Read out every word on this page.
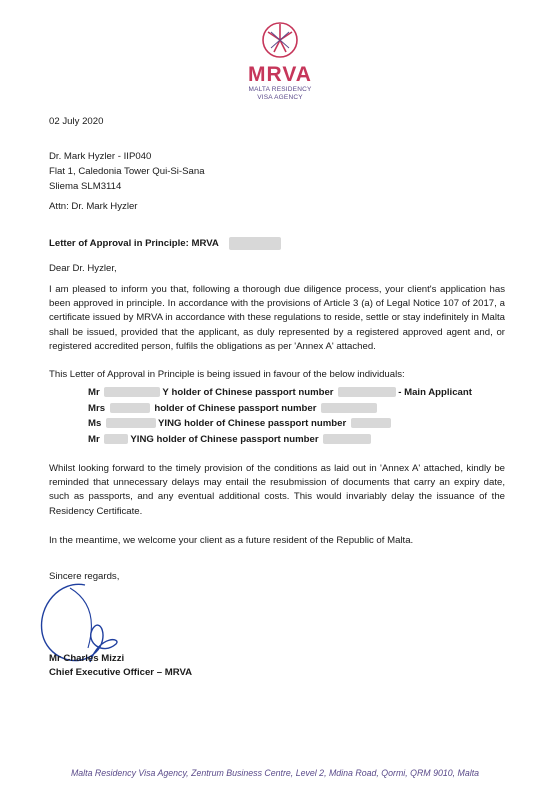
MRVA
MALTA RESIDENCY
VISA AGENCY
02 July 2020
Dr. Mark Hyzler - IIP040
Flat 1, Caledonia Tower Qui-Si-Sana
Sliema SLM3114
Attn: Dr. Mark Hyzler
Letter of Approval in Principle: MRVA
Dear Dr. Hyzler,
I am pleased to inform you that, following a thorough due diligence process, your client's application has been approved in principle. In accordance with the provisions of Article 3 (a) of Legal Notice 107 of 2017, a certificate issued by MRVA in accordance with these regulations to reside, settle or stay indefinitely in Malta shall be issued, provided that the applicant, as duly represented by a registered approved agent and, or registered accredited person, fulfils the obligations as per 'Annex A' attached.
This Letter of Approval in Principle is being issued in favour of the below individuals:
Mr	Y holder of Chinese passport number	- Main Applicant
Mrs	holder of Chinese passport number
Ms	YING holder of Chinese passport number
Mr	YING holder of Chinese passport number
Whilst looking forward to the timely provision of the conditions as laid out in 'Annex A' attached, kindly be reminded that unnecessary delays may entail the resubmission of documents that carry an expiry date, such as passports, and any eventual additional costs. This would invariably delay the issuance of the Residency Certificate.
In the meantime, we welcome your client as a future resident of the Republic of Malta.
Sincere regards,
Mr Charles Mizzi
Chief Executive Officer – MRVA
Malta Residency Visa Agency, Zentrum Business Centre, Level 2, Mdina Road, Qormi, QRM 9010, Malta
